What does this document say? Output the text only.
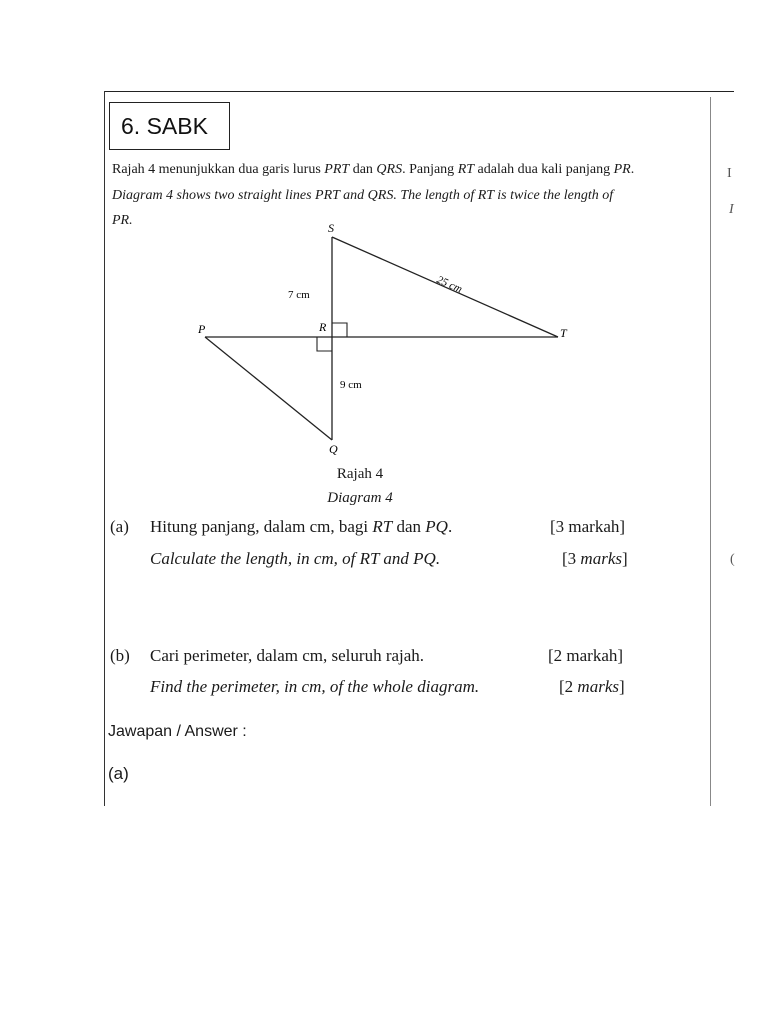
6. SABK
Rajah 4 menunjukkan dua garis lurus PRT dan QRS. Panjang RT adalah dua kali panjang PR.
Diagram 4 shows two straight lines PRT and QRS. The length of RT is twice the length of
PR.
I
I
(
P	R	T
S
Q
7 cm	25 cm
9 cm
Rajah 4
Diagram 4
(a) Hitung panjang, dalam cm, bagi RT dan PQ.	[3 markah]
Calculate the length, in cm, of RT and PQ.	[3 marks]
(b) Cari perimeter, dalam cm, seluruh rajah.	[2 markah]
Find the perimeter, in cm, of the whole diagram.	[2 marks]
Jawapan / Answer :
(a)
